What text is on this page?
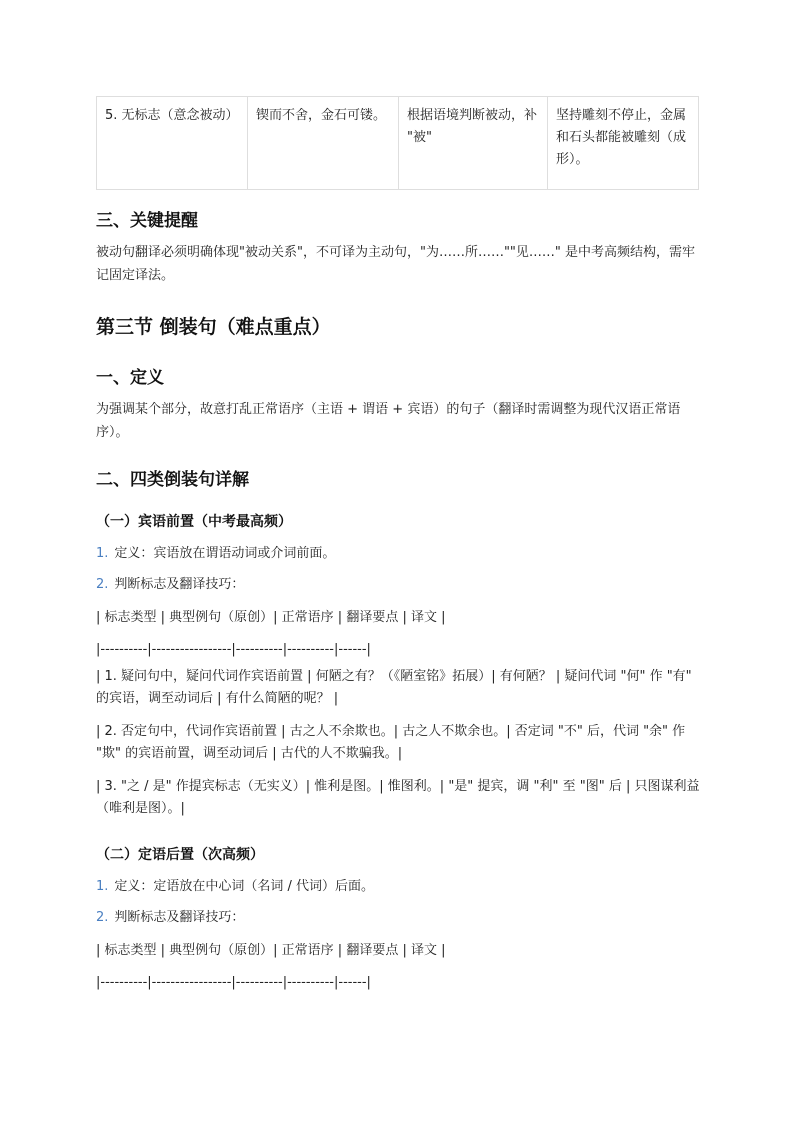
5. 无标志（意念被动）	锲而不舍，金石可镂。	根据语境判断被动，补 "被"	坚持雕刻不停止，金属和石头都能被雕刻（成形）。
三、关键提醒
被动句翻译必须明确体现"被动关系"，不可译为主动句，"为……所……""见……" 是中考高频结构，需牢记固定译法。
第三节 倒装句（难点重点）
一、定义
为强调某个部分，故意打乱正常语序（主语 + 谓语 + 宾语）的句子（翻译时需调整为现代汉语正常语序）。
二、四类倒装句详解
（一）宾语前置（中考最高频）
1. 定义：宾语放在谓语动词或介词前面。
2. 判断标志及翻译技巧：
| 标志类型 | 典型例句（原创）| 正常语序 | 翻译要点 | 译文 |
|----------|-----------------|----------|----------|------|
| 1. 疑问句中，疑问代词作宾语前置 | 何陋之有？（《陋室铭》拓展）| 有何陋？ | 疑问代词 "何" 作 "有" 的宾语，调至动词后 | 有什么简陋的呢？ |
| 2. 否定句中，代词作宾语前置 | 古之人不余欺也。| 古之人不欺余也。| 否定词 "不" 后，代词 "余" 作 "欺" 的宾语前置，调至动词后 | 古代的人不欺骗我。|
| 3. "之 / 是" 作提宾标志（无实义）| 惟利是图。| 惟图利。| "是" 提宾，调 "利" 至 "图" 后 | 只图谋利益（唯利是图）。|
（二）定语后置（次高频）
1. 定义：定语放在中心词（名词 / 代词）后面。
2. 判断标志及翻译技巧：
| 标志类型 | 典型例句（原创）| 正常语序 | 翻译要点 | 译文 |
|----------|-----------------|----------|----------|------|
